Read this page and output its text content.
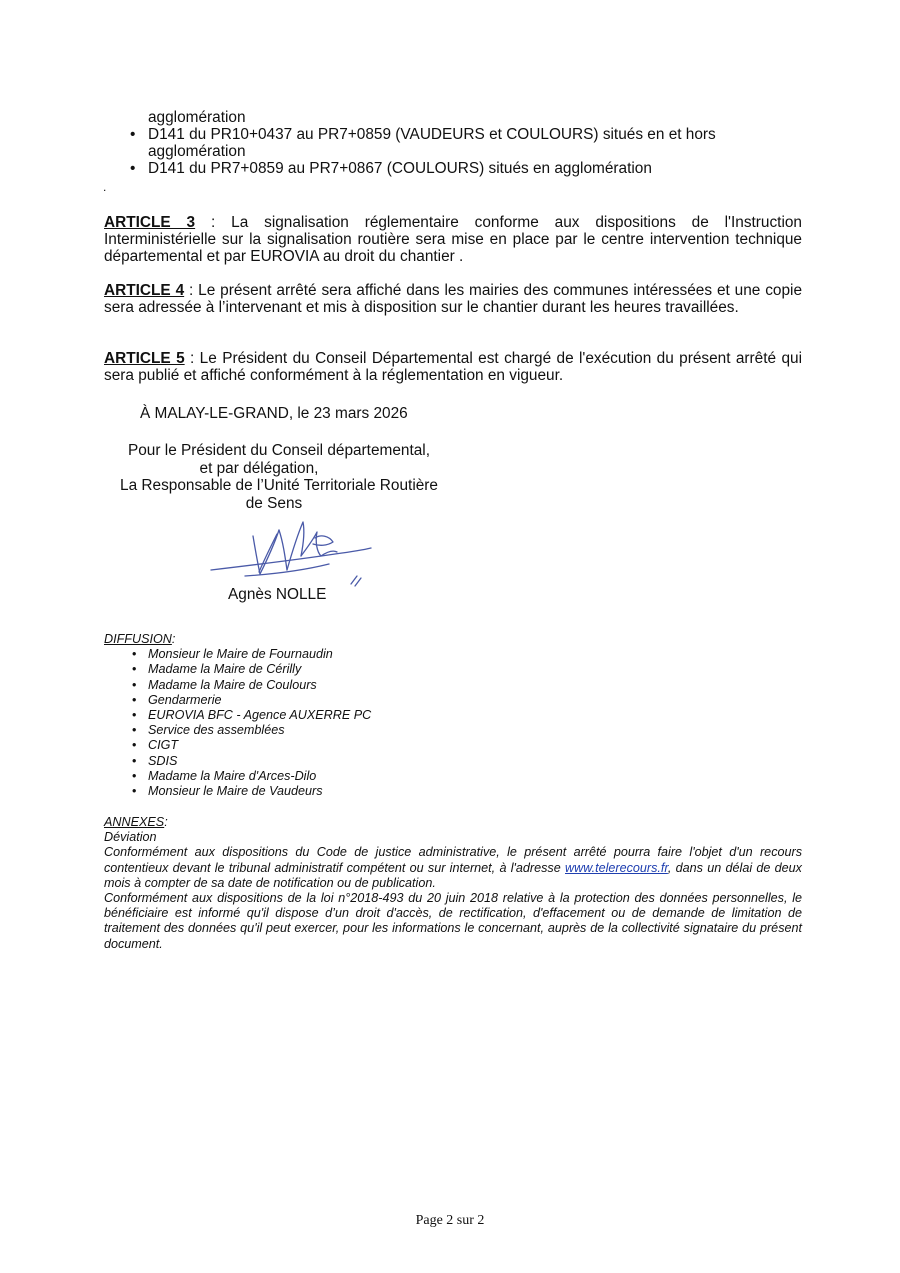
agglomération
• D141 du PR10+0437 au PR7+0859 (VAUDEURS et COULOURS) situés en et hors
agglomération
• D141 du PR7+0859 au PR7+0867 (COULOURS) situés en agglomération
.

ARTICLE 3 : La signalisation réglementaire conforme aux dispositions de l'Instruction Interministérielle sur la signalisation routière sera mise en place par le centre intervention technique départemental et par EUROVIA au droit du chantier .

ARTICLE 4 : Le présent arrêté sera affiché dans les mairies des communes intéressées et une copie sera adressée à l’intervenant et mis à disposition sur le chantier durant les heures travaillées.

ARTICLE 5 : Le Président du Conseil Départemental est chargé de l'exécution du présent arrêté qui sera publié et affiché conformément à la réglementation en vigueur.

À MALAY-LE-GRAND, le 23 mars 2026
Pour le Président du Conseil départemental,
et par délégation,
La Responsable de l’Unité Territoriale Routière
de Sens
Agnès NOLLE
DIFFUSION:
• Monsieur le Maire de Fournaudin
• Madame la Maire de Cérilly
• Madame la Maire de Coulours
• Gendarmerie
• EUROVIA BFC - Agence AUXERRE PC
• Service des assemblées
• CIGT
• SDIS
• Madame la Maire d'Arces-Dilo
• Monsieur le Maire de Vaudeurs
ANNEXES:

Déviation

Conformément aux dispositions du Code de justice administrative, le présent arrêté pourra faire l'objet d'un recours contentieux devant le tribunal administratif compétent ou sur internet, à l'adresse www.telerecours.fr, dans un délai de deux mois à compter de sa date de notification ou de publication.

Conformément aux dispositions de la loi n°2018-493 du 20 juin 2018 relative à la protection des données personnelles, le bénéficiaire est informé qu'il dispose d’un droit d'accès, de rectification, d'effacement ou de demande de limitation de traitement des données qu'il peut exercer, pour les informations le concernant, auprès de la collectivité signataire du présent document.

Page 2 sur 2
